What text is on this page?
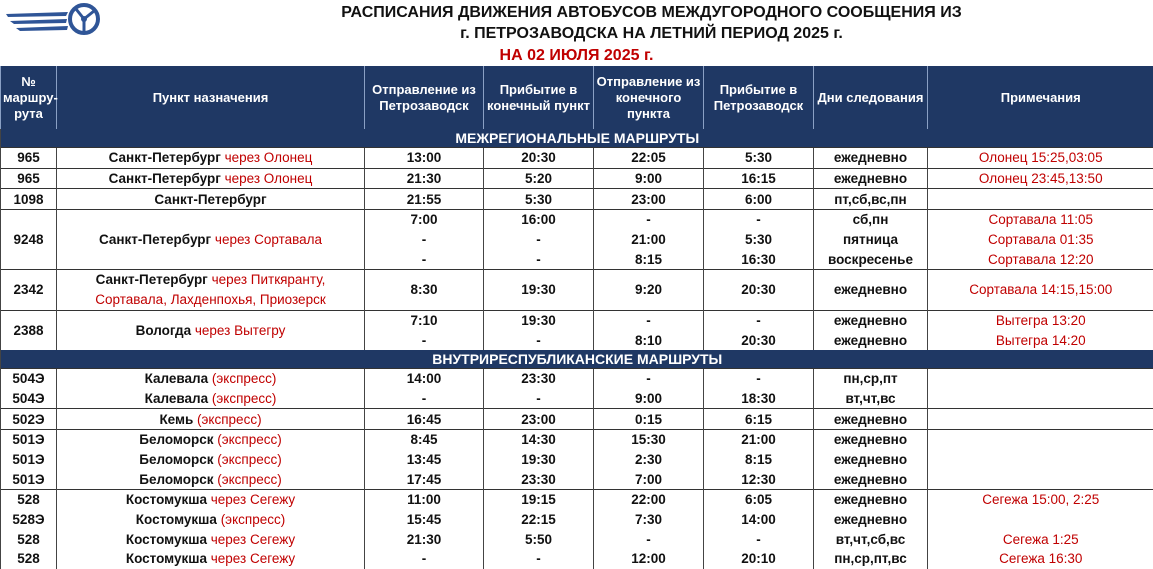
РАСПИСАНИЯ ДВИЖЕНИЯ АВТОБУСОВ МЕЖДУГОРОДНОГО СООБЩЕНИЯ ИЗ
г. ПЕТРОЗАВОДСКА НА ЛЕТНИЙ ПЕРИОД 2025 г.
НА 02 ИЮЛЯ 2025 г.
№ маршру-рута	Пункт назначения	Отправление из Петрозаводск	Прибытие в конечный пункт	Отправление из конечного пункта	Прибытие в Петрозаводск	Дни следования	Примечания
МЕЖРЕГИОНАЛЬНЫЕ МАРШРУТЫ							
965	Санкт-Петербург через Олонец	13:00	20:30	22:05	5:30	ежедневно	Олонец 15:25,03:05
965	Санкт-Петербург через Олонец	21:30	5:20	9:00	16:15	ежедневно	Олонец 23:45,13:50
1098	Санкт-Петербург	21:55	5:30	23:00	6:00	пт,сб,вс,пн	
9248	Санкт-Петербург через Сортавала	7:00	16:00	-	-	сб,пн	Сортавала 11:05
		-	-	21:00	5:30	пятница	Сортавала 01:35
		-	-	8:15	16:30	воскресенье	Сортавала 12:20
2342	Санкт-Петербург через Питкяранту,	8:30	19:30	9:20	20:30	ежедневно	Сортавала 14:15,15:00
	Сортавала, Лахденпохья, Приозерск						
2388	Вологда через Вытегру	7:10	19:30	-	-	ежедневно	Вытегра 13:20
		-	-	8:10	20:30	ежедневно	Вытегра 14:20
ВНУТРИРЕСПУБЛИКАНСКИЕ МАРШРУТЫ							
504Э	Калевала (экспресс)	14:00	23:30	-	-	пн,ср,пт	
504Э	Калевала (экспресс)	-	-	9:00	18:30	вт,чт,вс	
502Э	Кемь (экспресс)	16:45	23:00	0:15	6:15	ежедневно	
501Э	Беломорск (экспресс)	8:45	14:30	15:30	21:00	ежедневно	
501Э	Беломорск (экспресс)	13:45	19:30	2:30	8:15	ежедневно	
501Э	Беломорск (экспресс)	17:45	23:30	7:00	12:30	ежедневно	
528	Костомукша через Сегежу	11:00	19:15	22:00	6:05	ежедневно	Сегежа 15:00, 2:25
528Э	Костомукша (экспресс)	15:45	22:15	7:30	14:00	ежедневно	
528	Костомукша через Сегежу	21:30	5:50	-	-	вт,чт,сб,вс	Сегежа 1:25
528	Костомукша через Сегежу	-	-	12:00	20:10	пн,ср,пт,вс	Сегежа 16:30
